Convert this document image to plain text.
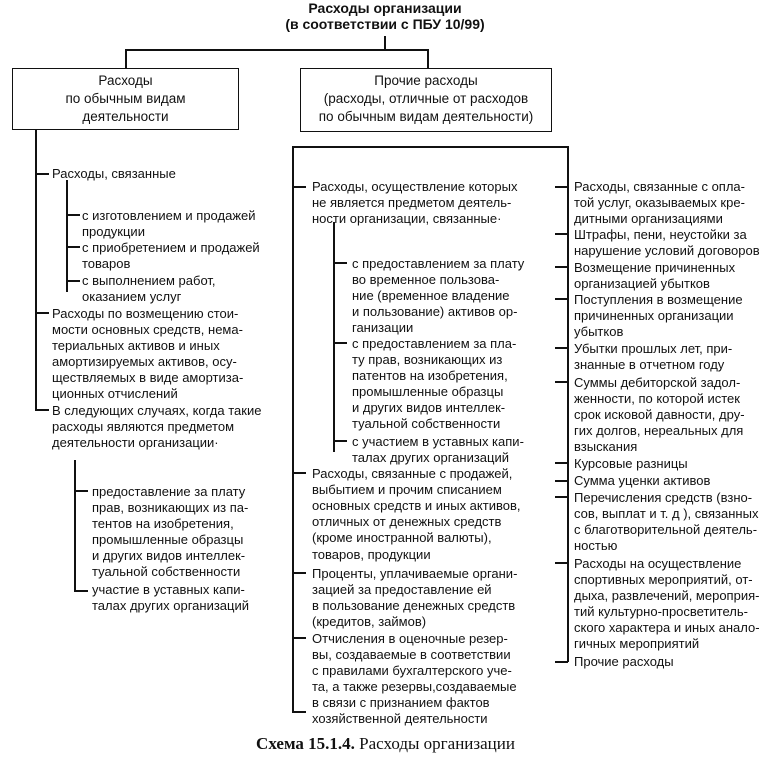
Расходы организации
(в соответствии с ПБУ 10/99)
Расходы
по обычным видам
деятельности
Прочие расходы
(расходы, отличные от расходов
по обычным видам деятельности)
Расходы, связанные
с изготовлением и продажей
продукции
с приобретением и продажей
товаров
с выполнением работ,
оказанием услуг
Расходы по возмещению стои-
мости основных средств, нема-
териальных активов и иных
амортизируемых активов, осу-
ществляемых в виде амортиза-
ционных отчислений
В следующих случаях, когда такие
расходы являются предметом
деятельности организации·
предоставление за плату
прав, возникающих из па-
тентов на изобретения,
промышленные образцы
и других видов интеллек-
туальной собственности
участие в уставных капи-
талах других организаций
Расходы, осуществление которых
не является предметом деятель-
ности организации, связанные·
с предоставлением за плату
во временное пользова-
ние (временное владение
и пользование) активов ор-
ганизации
с предоставлением за пла-
ту прав, возникающих из
патентов на изобретения,
промышленные образцы
и других видов интеллек-
туальной собственности
с участием в уставных капи-
талах других организаций
Расходы, связанные с продажей,
выбытием и прочим списанием
основных средств и иных активов,
отличных от денежных средств
(кроме иностранной валюты),
товаров, продукции
Проценты, уплачиваемые органи-
зацией за предоставление ей
в пользование денежных средств
(кредитов, займов)
Отчисления в оценочные резер-
вы, создаваемые в соответствии
с правилами бухгалтерского уче-
та, а также резервы,создаваемые
в связи с признанием фактов
хозяйственной деятельности
Расходы, связанные с опла-
той услуг, оказываемых кре-
дитными организациями
Штрафы, пени, неустойки за
нарушение условий договоров
Возмещение причиненных
организацией убытков
Поступления в возмещение
причиненных организации
убытков
Убытки прошлых лет, при-
знанные в отчетном году
Суммы дебиторской задол-
женности, по которой истек
срок исковой давности, дру-
гих долгов, нереальных для
взыскания
Курсовые разницы
Сумма уценки активов
Перечисления средств (взно-
сов, выплат и т. д ), связанных
с благотворительной деятель-
ностью
Расходы на осуществление
спортивных мероприятий, от-
дыха, развлечений, мероприя-
тий культурно-просветитель-
ского характера и иных анало-
гичных мероприятий
Прочие расходы
Схема 15.1.4. Расходы организации
